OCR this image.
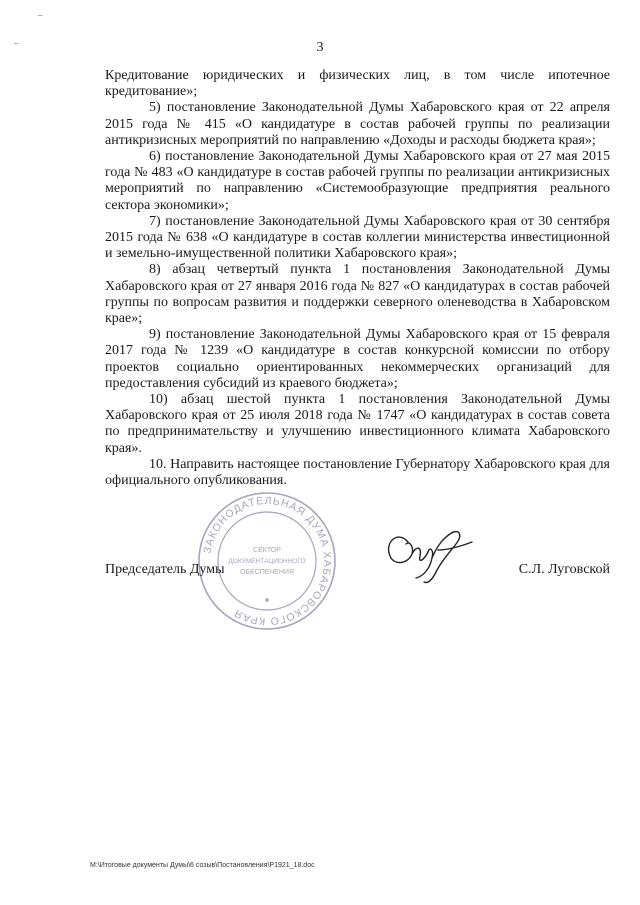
–
–	3

Кредитование юридических и физических лиц, в том числе ипотечное кредитование»;

5) постановление Законодательной Думы Хабаровского края от 22 апреля 2015 года № 415 «О кандидатуре в состав рабочей группы по реализации антикризисных мероприятий по направлению «Доходы и расходы бюджета края»;

6) постановление Законодательной Думы Хабаровского края от 27 мая 2015 года № 483 «О кандидатуре в состав рабочей группы по реализации антикризисных мероприятий по направлению «Системообразующие предприятия реального сектора экономики»;

7) постановление Законодательной Думы Хабаровского края от 30 сентября 2015 года № 638 «О кандидатуре в состав коллегии министерства инвестиционной и земельно-имущественной политики Хабаровского края»;

8) абзац четвертый пункта 1 постановления Законодательной Думы Хабаровского края от 27 января 2016 года № 827 «О кандидатурах в состав рабочей группы по вопросам развития и поддержки северного оленеводства в Хабаровском крае»;

9) постановление Законодательной Думы Хабаровского края от 15 февраля 2017 года № 1239 «О кандидатуре в состав конкурсной комиссии по отбору проектов социально ориентированных некоммерческих организаций для предоставления субсидий из краевого бюджета»;

10) абзац шестой пункта 1 постановления Законодательной Думы Хабаровского края от 25 июля 2018 года № 1747 «О кандидатурах в состав совета по предпринимательству и улучшению инвестиционного климата Хабаровского края».

10. Направить настоящее постановление Губернатору Хабаровского края для официального опубликования.

ЗАКОНОДАТЕЛЬНАЯ ДУМА ХАБАРОВСКОГО КРАЯ
СЕКТОР
ДОКУМЕНТАЦИОННОГО
ОБЕСПЕЧЕНИЯ
Председатель Думы	С.Л. Луговской
M:\Итоговые документы Думы\6 созыв\Постановления\P1921_18.doc
